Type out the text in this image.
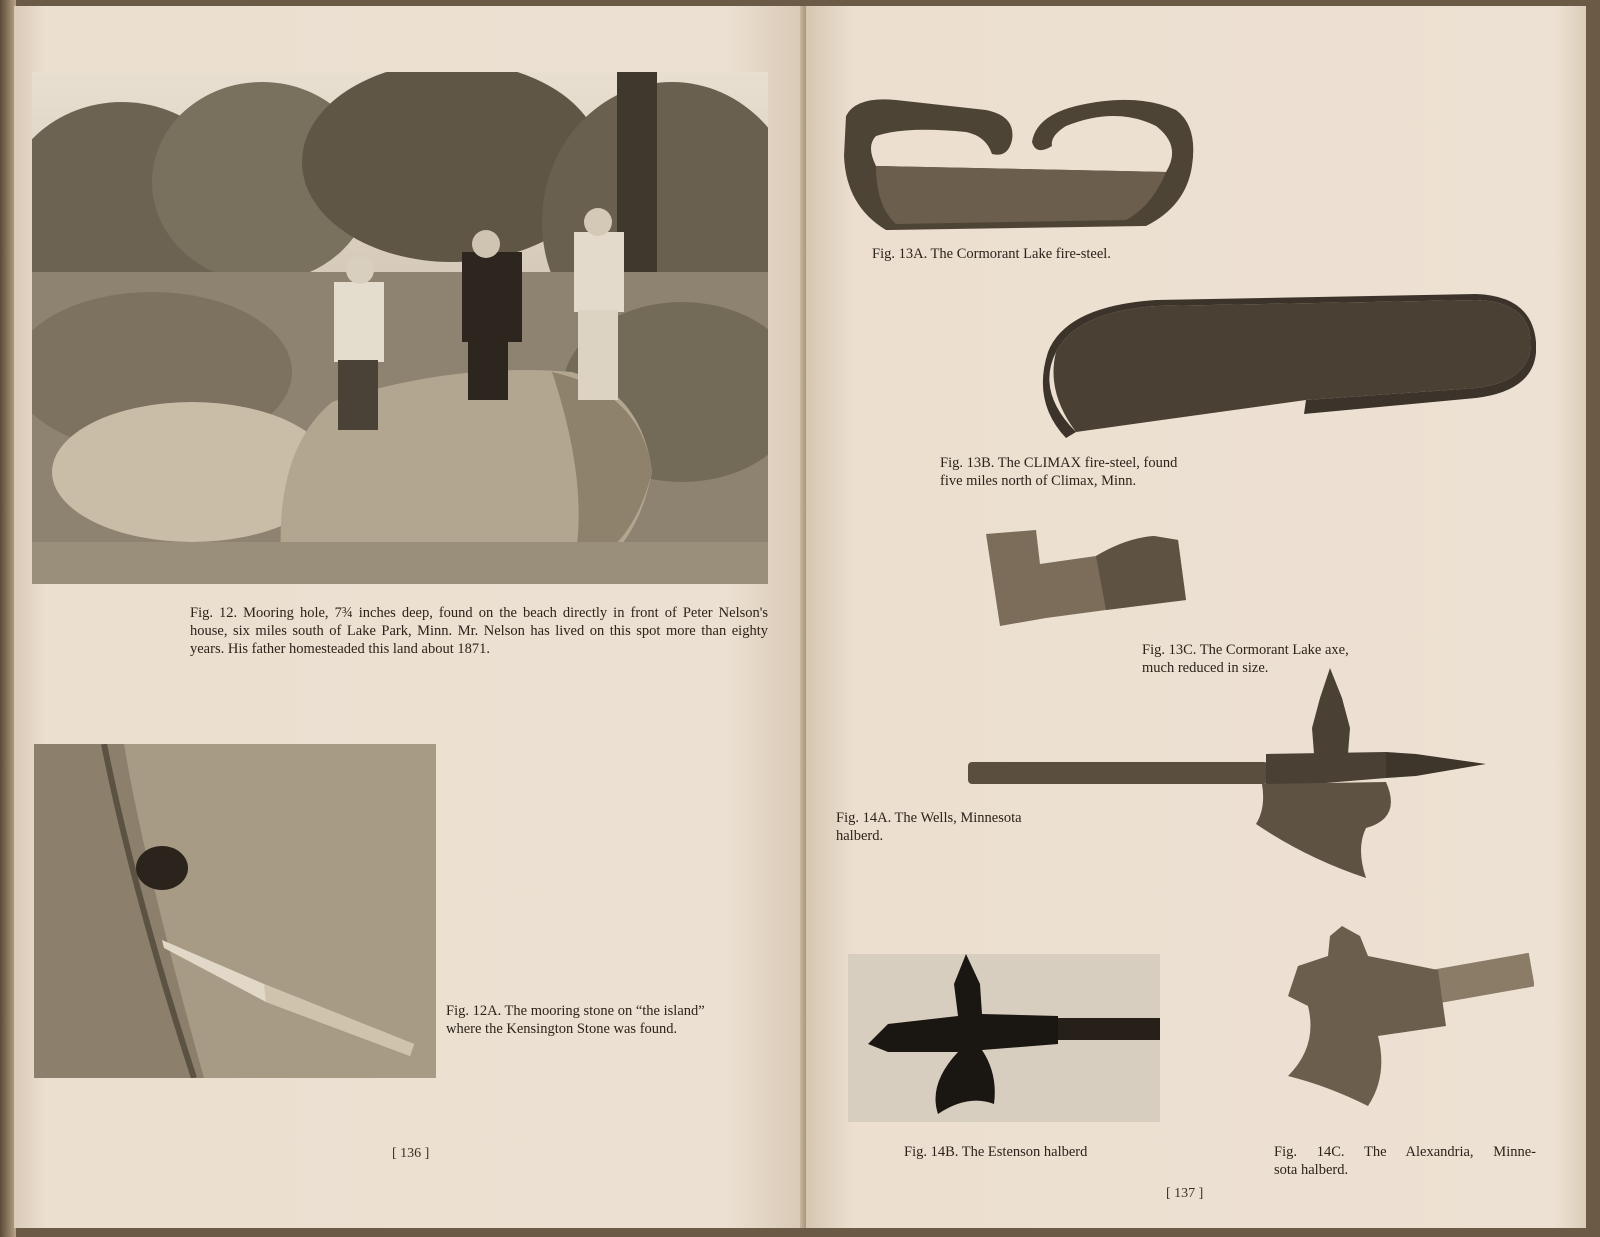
Fig. 12. Mooring hole, 7¾ inches deep, found on the beach directly in front of Peter Nelson's house, six miles south of Lake Park, Minn. Mr. Nelson has lived on this spot more than eighty years. His father homesteaded this land about 1871.
Fig. 12A. The mooring stone on “the island”
where the Kensington Stone was found.
[ 136 ]
Fig. 13A. The Cormorant Lake fire-steel.
Fig. 13B. The CLIMAX fire-steel, found
five miles north of Climax, Minn.
Fig. 13C. The Cormorant Lake axe,
much reduced in size.
Fig. 14A. The Wells, Minnesota
halberd.
Fig. 14B. The Estenson halberd	Fig. 14C. The Alexandria, Minne-
sota halberd.
[ 137 ]
